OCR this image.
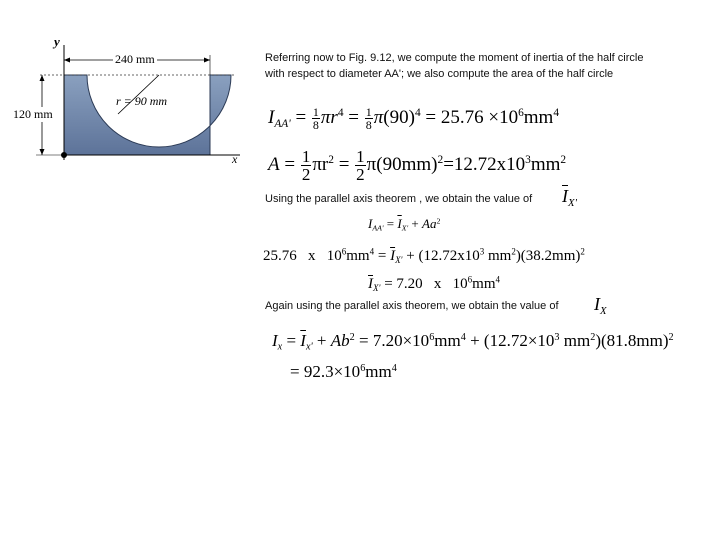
y
x
240 mm
120 mm
r = 90 mm
Referring now to Fig. 9.12, we compute the moment of inertia of the half circle
with respect to diameter AA'; we also compute the area of the half circle
$I_{AA'} = \frac{1}{8} \pi r^4 = \frac{1}{8} \pi(90)^4 = 25.76 \times 10^6mm^4$
$A = \frac{1}{2} \pi r^2 = \frac{1}{2} \pi(90mm)^2=12.72x10^3mm^2$
Using the parallel axis theorem , we obtain the value of $\overline{I}_{X'}$
$I_{AA'} = \overline{I}_{X'} + Aa^2$
25.76 x $10^6mm^4 = \overline{I}_{X'} + (12.72x10^3$ $mm^2)(38.2mm)^2$
$\overline{I}_{X'} = 7.20$ x $10^6mm^4$
Again using the parallel axis theorem, we obtain the value of $I_X$
$I_x = \overline{I}_{x'} + Ab^2 = 7.20\times 10^6mm^4 + (12.72\times 10^3$ $mm^2)(81.8mm)^2$
= $92.3\times 10^6mm^4$
